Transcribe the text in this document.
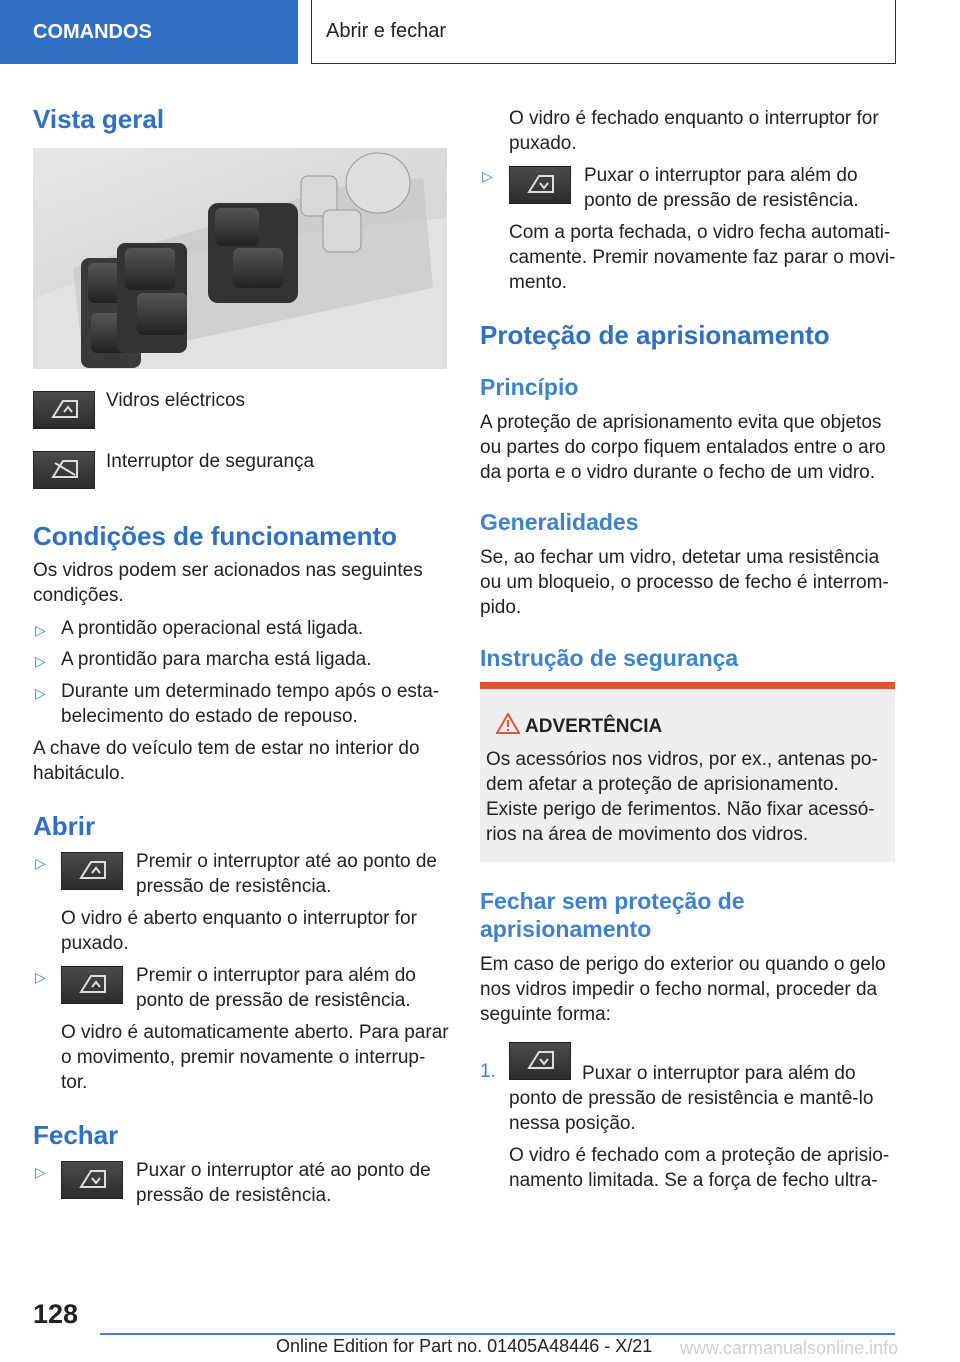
COMANDOS	Abrir e fechar
Vista geral

Vidros eléctricos

Interruptor de segurança

Condições de funcionamento

Os vidros podem ser acionados nas seguintes

condições.

▷ A prontidão operacional está ligada.

▷ A prontidão para marcha está ligada.

▷ Durante um determinado tempo após o esta-

belecimento do estado de repouso.

A chave do veículo tem de estar no interior do

habitáculo.

Abrir
▷	Premir o interruptor até ao ponto de

pressão de resistência.

O vidro é aberto enquanto o interruptor for

puxado.

▷	Premir o interruptor para além do

ponto de pressão de resistência.

O vidro é automaticamente aberto. Para parar

o movimento, premir novamente o interrup-

tor.

Fechar
▷	Puxar o interruptor até ao ponto de

pressão de resistência.

O vidro é fechado enquanto o interruptor for

puxado.

▷	Puxar o interruptor para além do

ponto de pressão de resistência.

Com a porta fechada, o vidro fecha automati-

camente. Premir novamente faz parar o movi-

mento.

Proteção de aprisionamento
Princípio

A proteção de aprisionamento evita que objetos

ou partes do corpo fiquem entalados entre o aro

da porta e o vidro durante o fecho de um vidro.

Generalidades

Se, ao fechar um vidro, detetar uma resistência

ou um bloqueio, o processo de fecho é interrom-

pido.

Instrução de segurança
ADVERTÊNCIA

Os acessórios nos vidros, por ex., antenas po-

dem afetar a proteção de aprisionamento.

Existe perigo de ferimentos. Não fixar acessó-

rios na área de movimento dos vidros.

Fechar sem proteção de
aprisionamento

Em caso de perigo do exterior ou quando o gelo

nos vidros impedir o fecho normal, proceder da

seguinte forma:

1.	Puxar o interruptor para além do

ponto de pressão de resistência e mantê-lo

nessa posição.

O vidro é fechado com a proteção de aprisio-

namento limitada. Se a força de fecho ultra-

128
Online Edition for Part no. 01405A48446 - X/21 www.carmanualsonline.info
